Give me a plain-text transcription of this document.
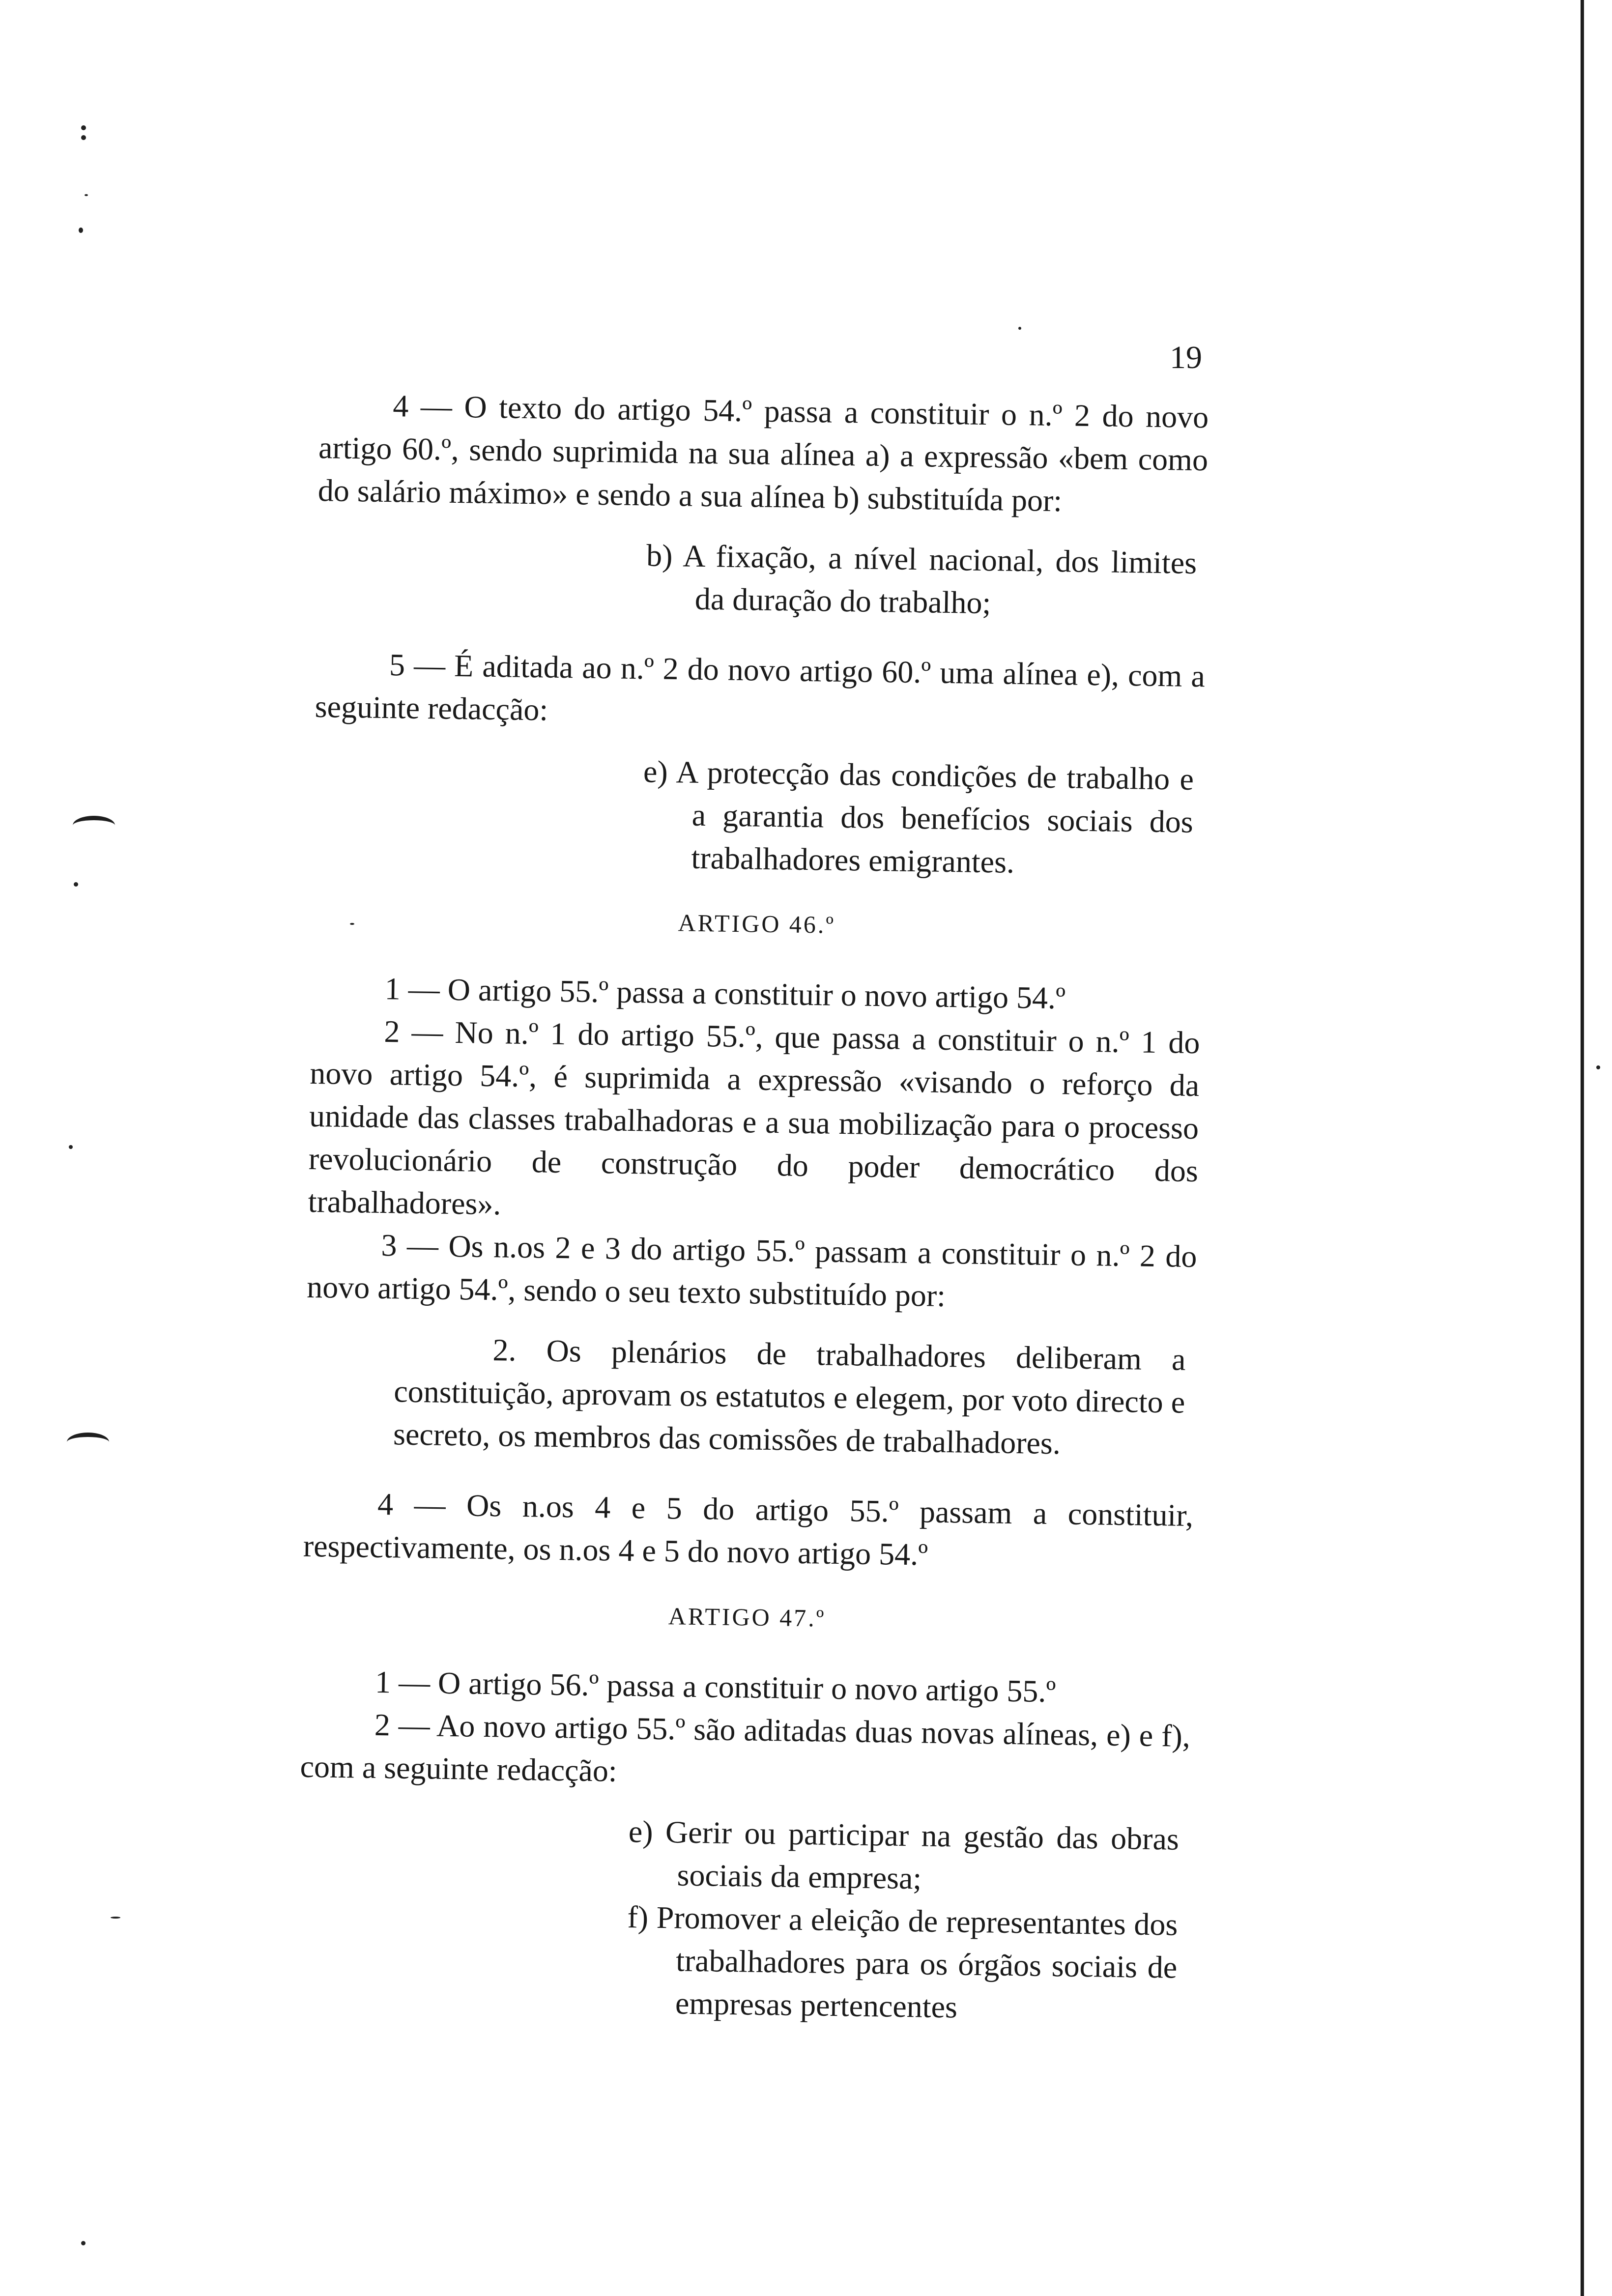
19

4 — O texto do artigo 54.º passa a constituir o n.º 2 do novo artigo 60.º, sendo suprimida na sua alínea a) a expressão «bem como do salário máximo» e sendo a sua alínea b) substituída por:

b) A fixação, a nível nacional, dos limites da duração do trabalho;

5 — É aditada ao n.º 2 do novo artigo 60.º uma alínea e), com a seguinte redacção:

e) A protecção das condições de trabalho e a garantia dos benefícios sociais dos trabalhadores emigrantes.

ARTIGO 46.º

1 — O artigo 55.º passa a constituir o novo artigo 54.º

2 — No n.º 1 do artigo 55.º, que passa a constituir o n.º 1 do novo artigo 54.º, é suprimida a expressão «visando o reforço da unidade das classes trabalhadoras e a sua mobilização para o processo revolucionário de construção do poder democrático dos trabalhadores».

3 — Os n.os 2 e 3 do artigo 55.º passam a constituir o n.º 2 do novo artigo 54.º, sendo o seu texto substituído por:

2. Os plenários de trabalhadores deliberam a constituição, aprovam os estatutos e elegem, por voto directo e secreto, os membros das comissões de trabalhadores.

4 — Os n.os 4 e 5 do artigo 55.º passam a constituir, respectivamente, os n.os 4 e 5 do novo artigo 54.º

ARTIGO 47.º

1 — O artigo 56.º passa a constituir o novo artigo 55.º

2 — Ao novo artigo 55.º são aditadas duas novas alíneas, e) e f), com a seguinte redacção:

e) Gerir ou participar na gestão das obras sociais da empresa;

f) Promover a eleição de representantes dos trabalhadores para os órgãos sociais de empresas pertencentes
